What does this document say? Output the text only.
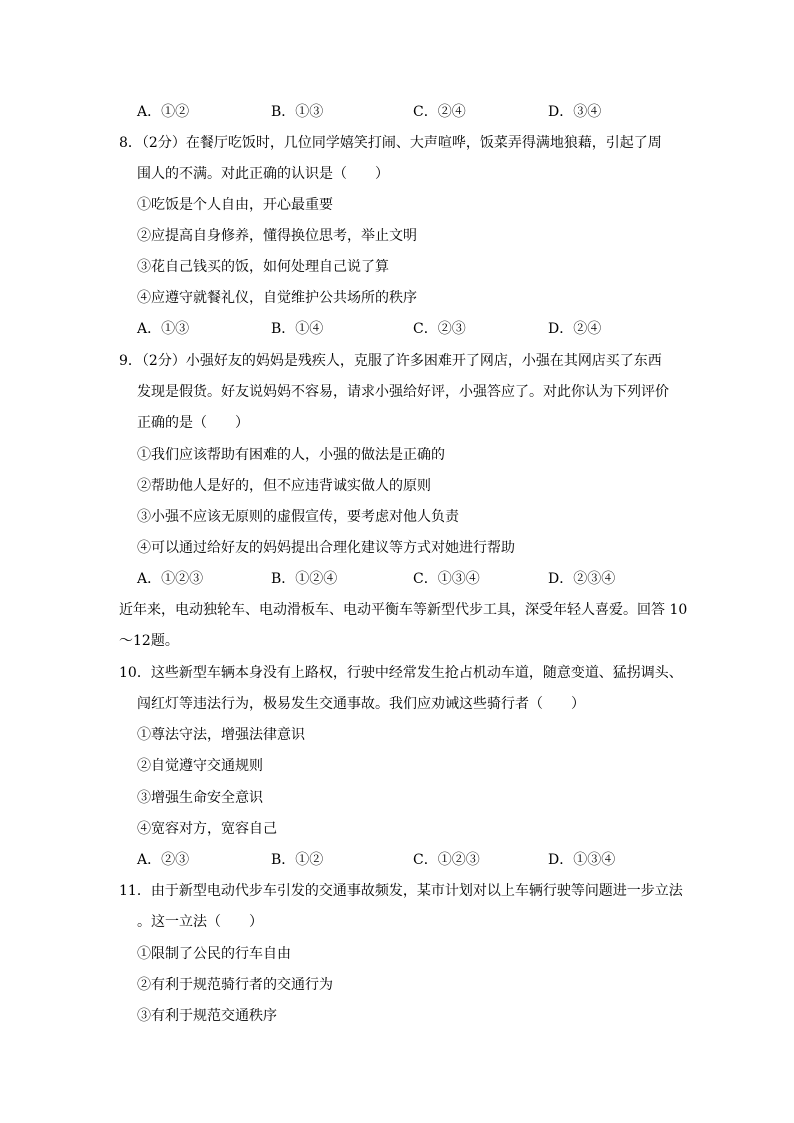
A．①②	B．①③	C．②④	D．③④
8．（2分）在餐厅吃饭时，几位同学嬉笑打闹、大声喧哗，饭菜弄得满地狼藉，引起了周
围人的不满。对此正确的认识是（　　）
①吃饭是个人自由，开心最重要
②应提高自身修养，懂得换位思考，举止文明
③花自己钱买的饭，如何处理自己说了算
④应遵守就餐礼仪，自觉维护公共场所的秩序
A．①③	B．①④	C．②③	D．②④
9．（2分）小强好友的妈妈是残疾人，克服了许多困难开了网店，小强在其网店买了东西
发现是假货。好友说妈妈不容易，请求小强给好评，小强答应了。对此你认为下列评价
正确的是（　　）
①我们应该帮助有困难的人，小强的做法是正确的
②帮助他人是好的，但不应违背诚实做人的原则
③小强不应该无原则的虚假宣传，要考虑对他人负责
④可以通过给好友的妈妈提出合理化建议等方式对她进行帮助
A．①②③	B．①②④	C．①③④	D．②③④
近年来，电动独轮车、电动滑板车、电动平衡车等新型代步工具，深受年轻人喜爱。回答 10
～12题。
10．这些新型车辆本身没有上路权，行驶中经常发生抢占机动车道，随意变道、猛拐调头、
闯红灯等违法行为，极易发生交通事故。我们应劝诫这些骑行者（　　）
①尊法守法，增强法律意识
②自觉遵守交通规则
③增强生命安全意识
④宽容对方，宽容自己
A．②③	B．①②	C．①②③	D．①③④
11．由于新型电动代步车引发的交通事故频发，某市计划对以上车辆行驶等问题进一步立法
。这一立法（　　）
①限制了公民的行车自由
②有利于规范骑行者的交通行为
③有利于规范交通秩序
